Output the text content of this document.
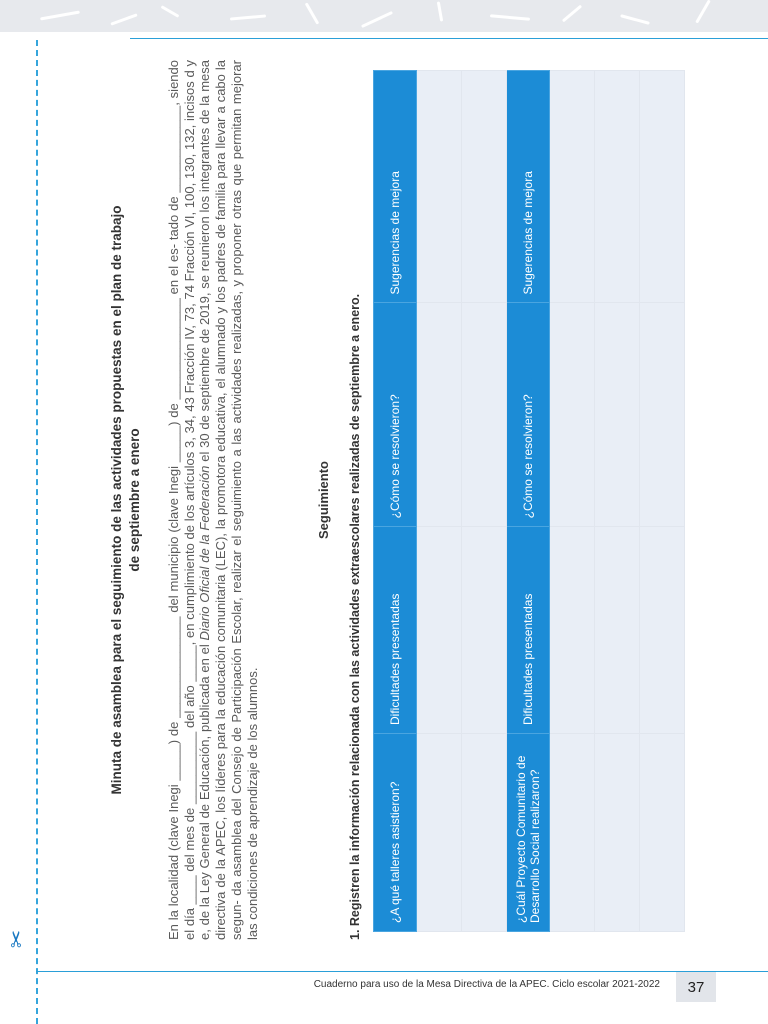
✂
Minuta de asamblea para el seguimiento de las actividades propuestas en el plan de trabajo de septiembre a enero En la localidad (clave Inegi _____) de ______________ del municipio (clave Inegi _____) de ______________ en el es- tado de ____________, siendo el día ____ del mes de __________ del año _____, en cumplimiento de los artículos 3, 34, 43 Fracción IV, 73, 74 Fracción VI, 100, 130, 132, incisos d y e, de la Ley General de Educación, publicada en el Diario Oficial de la Federación el 30 de septiembre de 2019, se reunieron los integrantes de la mesa directiva de la APEC, los líderes para la educación comunitaria (LEC), la promotora educativa, el alumnado y los padres de familia para llevar a cabo la segun- da asamblea del Consejo de Participación Escolar, realizar el seguimiento a las actividades realizadas, y proponer otras que permitan mejorar las condiciones de aprendizaje de los alumnos.
Seguimiento 1. Registren la información relacionada con las actividades extraescolares realizadas de septiembre a enero. ¿A qué talleres asistieron?	Dificultades presentadas	¿Cómo se resolvieron?	Sugerencias de mejora

¿Cuál Proyecto Comunitario de Desarrollo Social realizaron?	Dificultades presentadas	¿Cómo se resolvieron?	Sugerencias de mejora

Cuaderno para uso de la Mesa Directiva de la APEC. Ciclo escolar 2021-2022	37
